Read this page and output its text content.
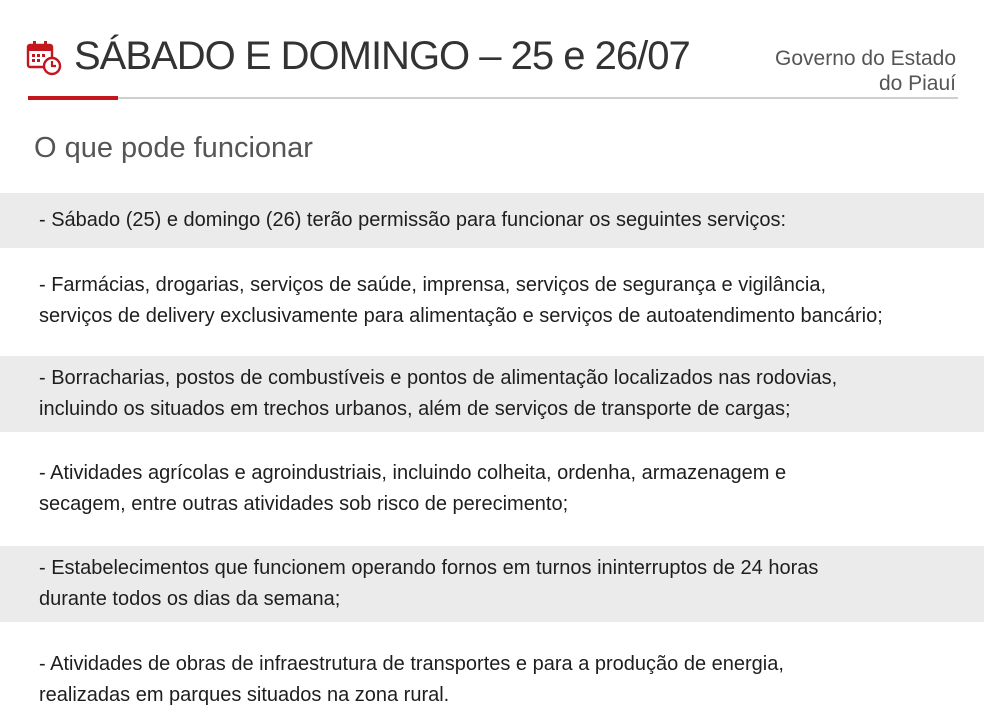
SÁBADO E DOMINGO – 25 e 26/07	Governo do Estado
do Piauí
O que pode funcionar
- Sábado (25) e domingo (26) terão permissão para funcionar os seguintes serviços:
- Farmácias, drogarias, serviços de saúde, imprensa, serviços de segurança e vigilância,
serviços de delivery exclusivamente para alimentação e serviços de autoatendimento bancário;
- Borracharias, postos de combustíveis e pontos de alimentação localizados nas rodovias,
incluindo os situados em trechos urbanos, além de serviços de transporte de cargas;
- Atividades agrícolas e agroindustriais, incluindo colheita, ordenha, armazenagem e
secagem, entre outras atividades sob risco de perecimento;
- Estabelecimentos que funcionem operando fornos em turnos ininterruptos de 24 horas
durante todos os dias da semana;
- Atividades de obras de infraestrutura de transportes e para a produção de energia,
realizadas em parques situados na zona rural.
